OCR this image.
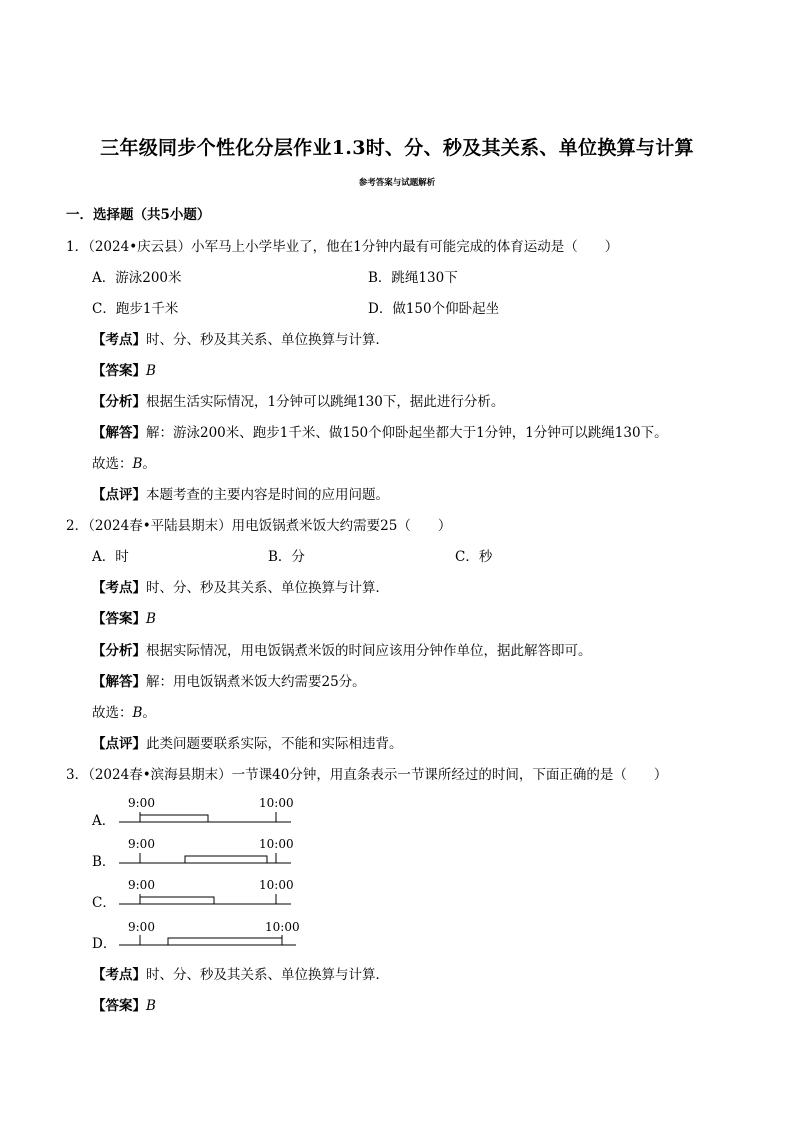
三年级同步个性化分层作业1.3时、分、秒及其关系、单位换算与计算
参考答案与试题解析
一．选择题（共5小题）
1．（2024•庆云县）小军马上小学毕业了，他在1分钟内最有可能完成的体育运动是（　　）
A．游泳200米	B．跳绳130下
C．跑步1千米	D．做150个仰卧起坐
【考点】时、分、秒及其关系、单位换算与计算．
【答案】B
【分析】根据生活实际情况，1分钟可以跳绳130下，据此进行分析。
【解答】解：游泳200米、跑步1千米、做150个仰卧起坐都大于1分钟，1分钟可以跳绳130下。
故选：B。
【点评】本题考查的主要内容是时间的应用问题。
2．（2024春•平陆县期末）用电饭锅煮米饭大约需要25（　　）
A．时	B．分	C．秒
【考点】时、分、秒及其关系、单位换算与计算．
【答案】B
【分析】根据实际情况，用电饭锅煮米饭的时间应该用分钟作单位，据此解答即可。
【解答】解：用电饭锅煮米饭大约需要25分。
故选：B。
【点评】此类问题要联系实际，不能和实际相违背。
3．（2024春•滨海县期末）一节课40分钟，用直条表示一节课所经过的时间，下面正确的是（　　）
A．
9:00	10:00
B．
9:00	10:00
C．
9:00	10:00
D．
9:00	10:00
【考点】时、分、秒及其关系、单位换算与计算．
【答案】B
